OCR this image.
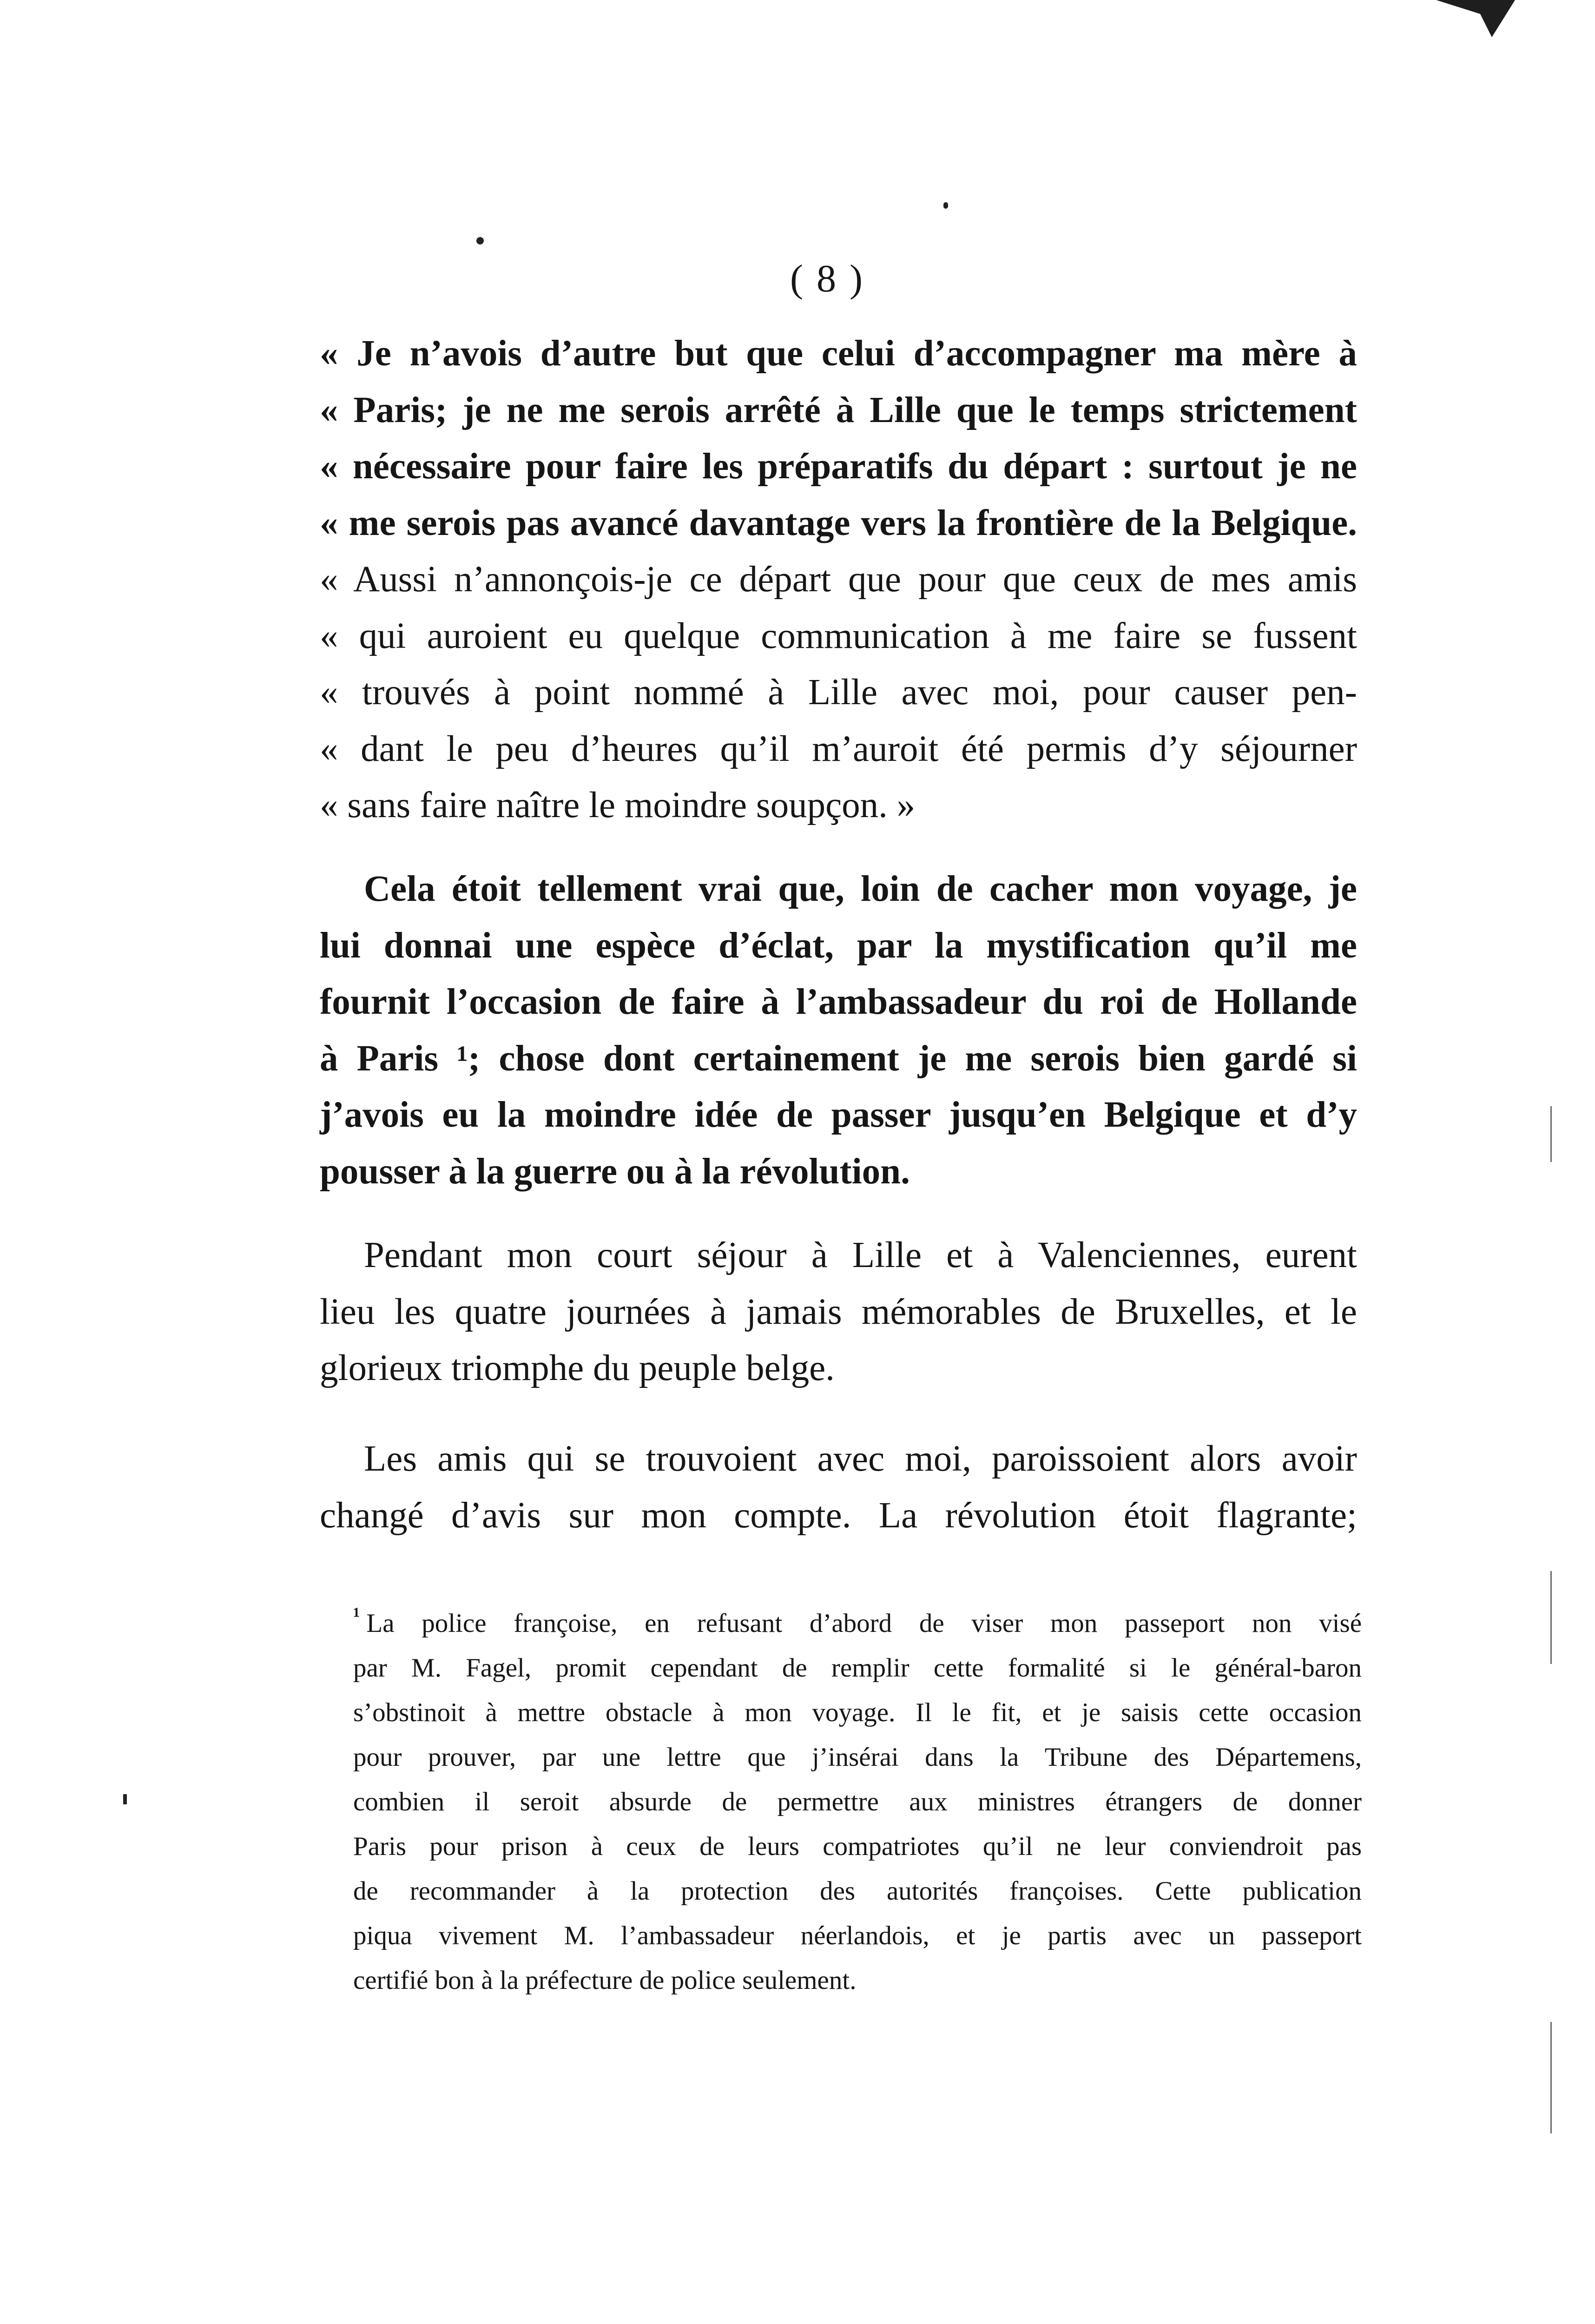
( 8 )
« Je n’avois d’autre but que celui d’accompagner ma mère à
« Paris; je ne me serois arrêté à Lille que le temps strictement
« nécessaire pour faire les préparatifs du départ : surtout je ne
« me serois pas avancé davantage vers la frontière de la Belgique.
« Aussi n’annonçois-je ce départ que pour que ceux de mes amis
« qui auroient eu quelque communication à me faire se fussent
« trouvés à point nommé à Lille avec moi, pour causer pen-
« dant le peu d’heures qu’il m’auroit été permis d’y séjourner
« sans faire naître le moindre soupçon. »
Cela étoit tellement vrai que, loin de cacher mon voyage, je
lui donnai une espèce d’éclat, par la mystification qu’il me
fournit l’occasion de faire à l’ambassadeur du roi de Hollande
à Paris ¹; chose dont certainement je me serois bien gardé si
j’avois eu la moindre idée de passer jusqu’en Belgique et d’y
pousser à la guerre ou à la révolution.
Pendant mon court séjour à Lille et à Valenciennes, eurent
lieu les quatre journées à jamais mémorables de Bruxelles, et le
glorieux triomphe du peuple belge.
Les amis qui se trouvoient avec moi, paroissoient alors avoir
changé d’avis sur mon compte. La révolution étoit flagrante;
$^{^1}$ La police françoise, en refusant d’abord de viser mon passeport non visé
par M. Fagel, promit cependant de remplir cette formalité si le général-baron
s’obstinoit à mettre obstacle à mon voyage. Il le fit, et je saisis cette occasion
pour prouver, par une lettre que j’insérai dans la Tribune des Départemens,
combien il seroit absurde de permettre aux ministres étrangers de donner
Paris pour prison à ceux de leurs compatriotes qu’il ne leur conviendroit pas
de recommander à la protection des autorités françoises. Cette publication
piqua vivement M. l’ambassadeur néerlandois, et je partis avec un passeport
certifié bon à la préfecture de police seulement.
